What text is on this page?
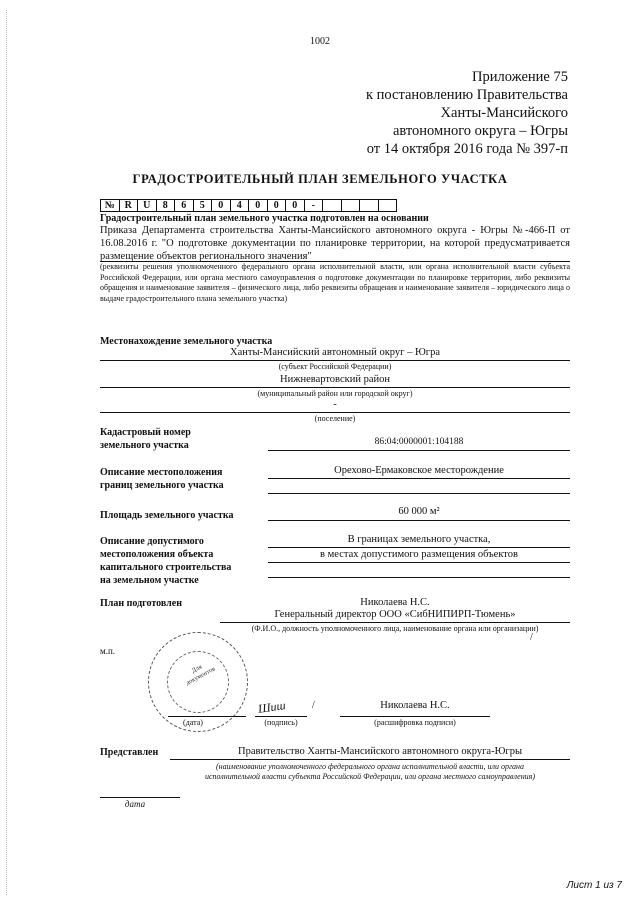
1002
Приложение 75
к постановлению Правительства
Ханты-Мансийского
автономного округа – Югры
от 14 октября 2016 года № 397-п
ГРАДОСТРОИТЕЛЬНЫЙ ПЛАН ЗЕМЕЛЬНОГО УЧАСТКА
№	R	U	8	6	5	0	4	0	0	0	-				
Градостроительный план земельного участка подготовлен на основании
Приказа Департамента строительства Ханты-Мансийского автономного округа - Югры №-466-П от 16.08.2016 г. "О подготовке документации по планировке территории, на которой предусматривается размещение объектов регионального значения"
(реквизиты решения уполномоченного федерального органа исполнительной власти, или органа исполнительной власти субъекта Российской Федерации, или органа местного самоуправления о подготовке документации по планировке территории, либо реквизиты обращения и наименование заявителя – физического лица, либо реквизиты обращения и наименование заявителя – юридического лица о выдаче градостроительного плана земельного участка)
Местонахождение земельного участка
Ханты-Мансийский автономный округ – Югра
(субъект Российской Федерации)
Нижневартовский район
(муниципальный район или городской округ)
-
(поселение)
Кадастровый номер
земельного участка	86:04:0000001:104188
Описание местоположения
границ земельного участка
Орехово-Ермаковское месторождение
Площадь земельного участка	60 000 м²
Описание допустимого
местоположения объекта
капитального строительства
на земельном участке
В границах земельного участка,
в местах допустимого размещения объектов
План подготовлен	Николаева Н.С.
Генеральный директор ООО «СибНИПИРП-Тюмень»
(Ф.И.О., должность уполномоченного лица, наименование органа или организации)
/
м.п.
Для документов
Шиш	/	Николаева Н.С.
(дата)	(подпись)	(расшифровка подписи)
Представлен	Правительство Ханты-Мансийского автономного округа-Югры
(наименование уполномоченного федерального органа исполнительной власти, или органа
исполнительной власти субъекта Российской Федерации, или органа местного самоуправления)
дата
Лист 1 из 7
